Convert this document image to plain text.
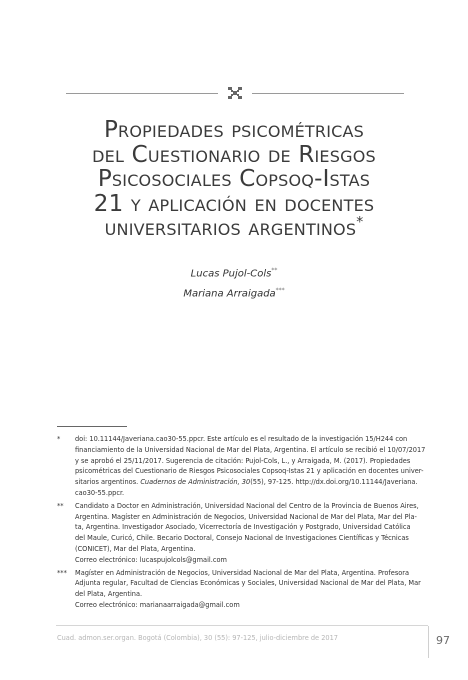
Propiedades psicométricas
del Cuestionario de Riesgos
Psicosociales Copsoq-Istas
21 y aplicación en docentes
universitarios argentinos*
Lucas Pujol-Cols**
Mariana Arraigada***
*	doi: 10.11144/Javeriana.cao30-55.ppcr. Este artículo es el resultado de la investigación 15/H244 con
financiamiento de la Universidad Nacional de Mar del Plata, Argentina. El artículo se recibió el 10/07/2017
y se aprobó el 25/11/2017. Sugerencia de citación: Pujol-Cols, L., y Arraigada, M. (2017). Propiedades
psicométricas del Cuestionario de Riesgos Psicosociales Copsoq-Istas 21 y aplicación en docentes univer-
sitarios argentinos. Cuadernos de Administración, 30(55), 97-125. http://dx.doi.org/10.11144/Javeriana.
cao30-55.ppcr.
**	Candidato a Doctor en Administración, Universidad Nacional del Centro de la Provincia de Buenos Aires,
Argentina. Magíster en Administración de Negocios, Universidad Nacional de Mar del Plata, Mar del Pla-
ta, Argentina. Investigador Asociado, Vicerrectoría de Investigación y Postgrado, Universidad Católica
del Maule, Curicó, Chile. Becario Doctoral, Consejo Nacional de Investigaciones Científicas y Técnicas
(CONICET), Mar del Plata, Argentina.
Correo electrónico: lucaspujolcols@gmail.com
***	Magíster en Administración de Negocios, Universidad Nacional de Mar del Plata, Argentina. Profesora
Adjunta regular, Facultad de Ciencias Económicas y Sociales, Universidad Nacional de Mar del Plata, Mar
del Plata, Argentina.
Correo electrónico: marianaarraigada@gmail.com
Cuad. admon.ser.organ. Bogotá (Colombia), 30 (55): 97-125, julio-diciembre de 2017	97
